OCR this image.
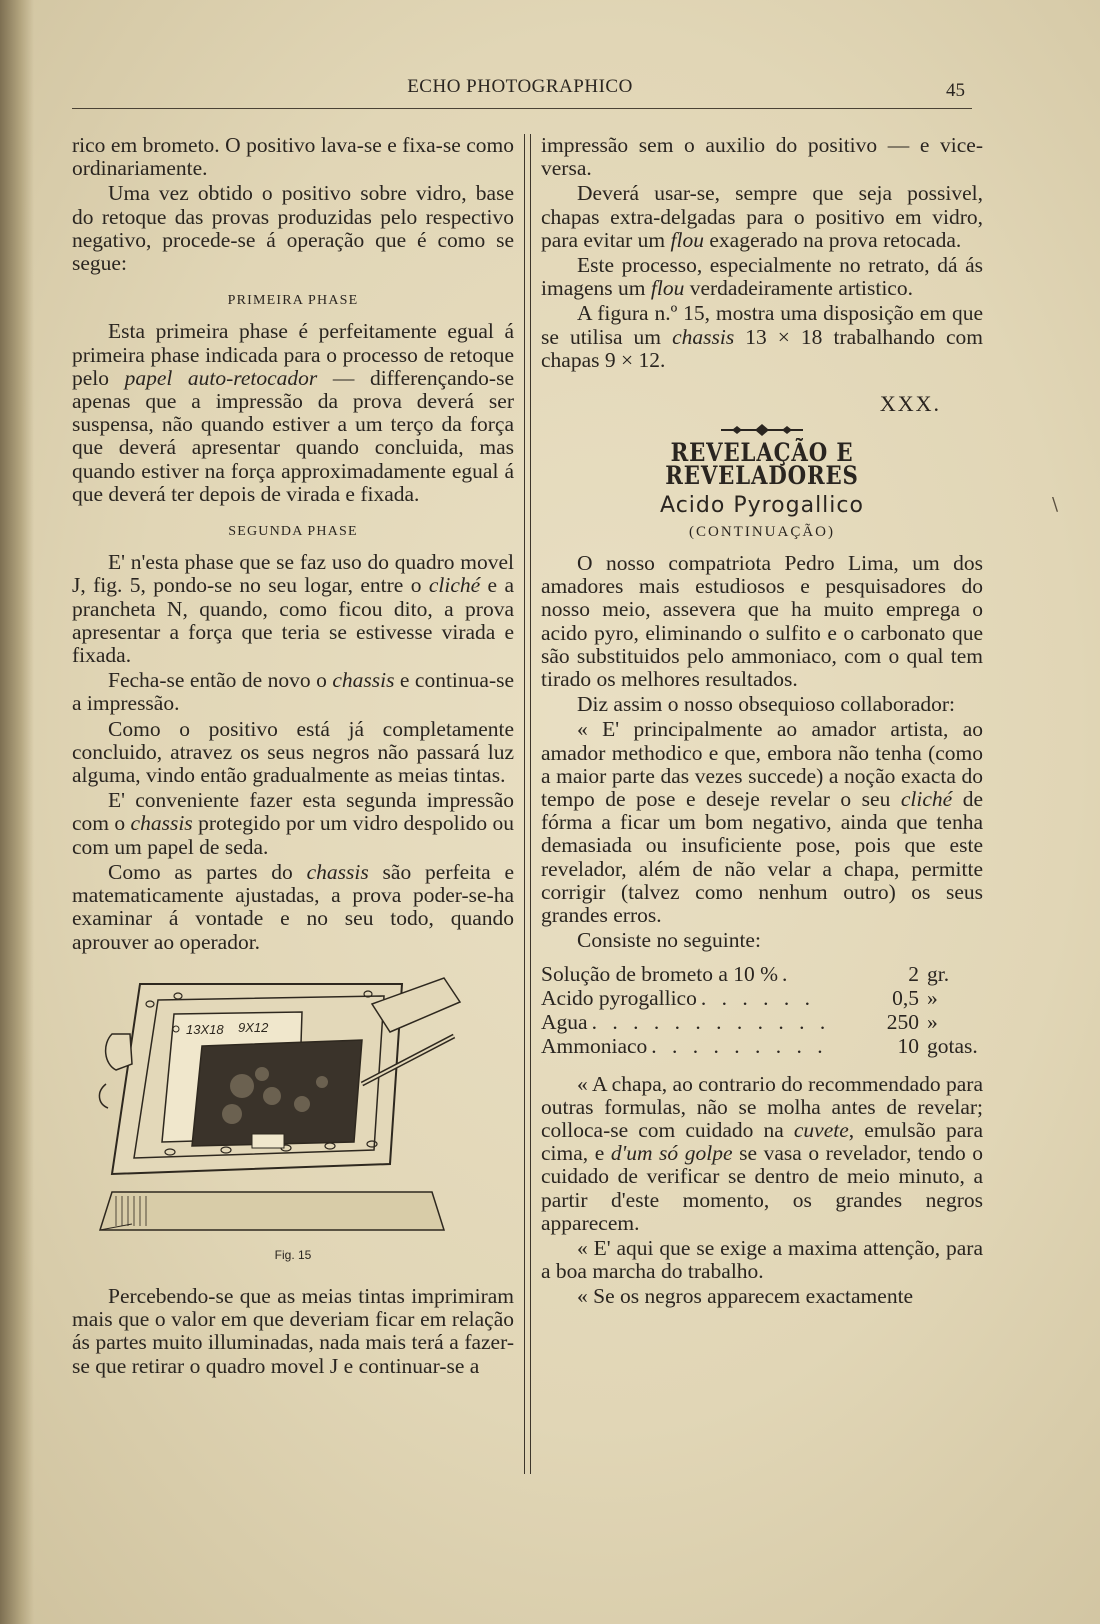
ECHO PHOTOGRAPHICO	45

rico em brometo. O positivo lava-se e fixa-se como ordinariamente.

Uma vez obtido o positivo sobre vidro, base do retoque das provas produzidas pelo respectivo negativo, procede-se á operação que é como se segue:

PRIMEIRA PHASE

Esta primeira phase é perfeitamente egual á primeira phase indicada para o processo de retoque pelo papel auto-retocador — differençando-se apenas que a impressão da prova deverá ser suspensa, não quando estiver a um terço da força que deverá apresentar quando concluida, mas quando estiver na força approximadamente egual á que deverá ter depois de virada e fixada.

SEGUNDA PHASE

E' n'esta phase que se faz uso do quadro movel J, fig. 5, pondo-se no seu logar, entre o cliché e a prancheta N, quando, como ficou dito, a prova apresentar a força que teria se estivesse virada e fixada.

Fecha-se então de novo o chassis e continua-se a impressão.

Como o positivo está já completamente concluido, atravez os seus negros não passará luz alguma, vindo então gradualmente as meias tintas.

E' conveniente fazer esta segunda impressão com o chassis protegido por um vidro despolido ou com um papel de seda.

Como as partes do chassis são perfeita e matematicamente ajustadas, a prova poder-se-ha examinar á vontade e no seu todo, quando aprouver ao operador.

13X18 9X12
Fig. 15

Percebendo-se que as meias tintas imprimiram mais que o valor em que deveriam ficar em relação ás partes muito illuminadas, nada mais terá a fazer-se que retirar o quadro movel J e continuar-se a

impressão sem o auxilio do positivo — e vice-versa.

Deverá usar-se, sempre que seja possivel, chapas extra-delgadas para o positivo em vidro, para evitar um flou exagerado na prova retocada.

Este processo, especialmente no retrato, dá ás imagens um flou verdadeiramente artistico.

A figura n.º 15, mostra uma disposição em que se utilisa um chassis 13 × 18 trabalhando com chapas 9 × 12.

XXX.
REVELAÇÃO E REVELADORES
Acido Pyrogallico
(CONTINUAÇÃO)

O nosso compatriota Pedro Lima, um dos amadores mais estudiosos e pesquisadores do nosso meio, assevera que ha muito emprega o acido pyro, eliminando o sulfito e o carbonato que são substituidos pelo ammoniaco, com o qual tem tirado os melhores resultados.

Diz assim o nosso obsequioso collaborador:

« E' principalmente ao amador artista, ao amador methodico e que, embora não tenha (como a maior parte das vezes succede) a noção exacta do tempo de pose e deseje revelar o seu cliché de fórma a ficar um bom negativo, ainda que tenha demasiada ou insuficiente pose, pois que este revelador, além de não velar a chapa, permitte corrigir (talvez como nenhum outro) os seus grandes erros.

Consiste no seguinte:

Solução de brometo a 10 % .	2 gr.
Acido pyrogallico . . . . . .	0,5 »
Agua . . . . . . . . . . . .	250 »
Ammoniaco . . . . . . . . .	10 gotas.

« A chapa, ao contrario do recommendado para outras formulas, não se molha antes de revelar; colloca-se com cuidado na cuvete, emulsão para cima, e d'um só golpe se vasa o revelador, tendo o cuidado de verificar se dentro de meio minuto, a partir d'este momento, os grandes negros apparecem.

« E' aqui que se exige a maxima attenção, para a boa marcha do trabalho.

« Se os negros apparecem exactamente

\
